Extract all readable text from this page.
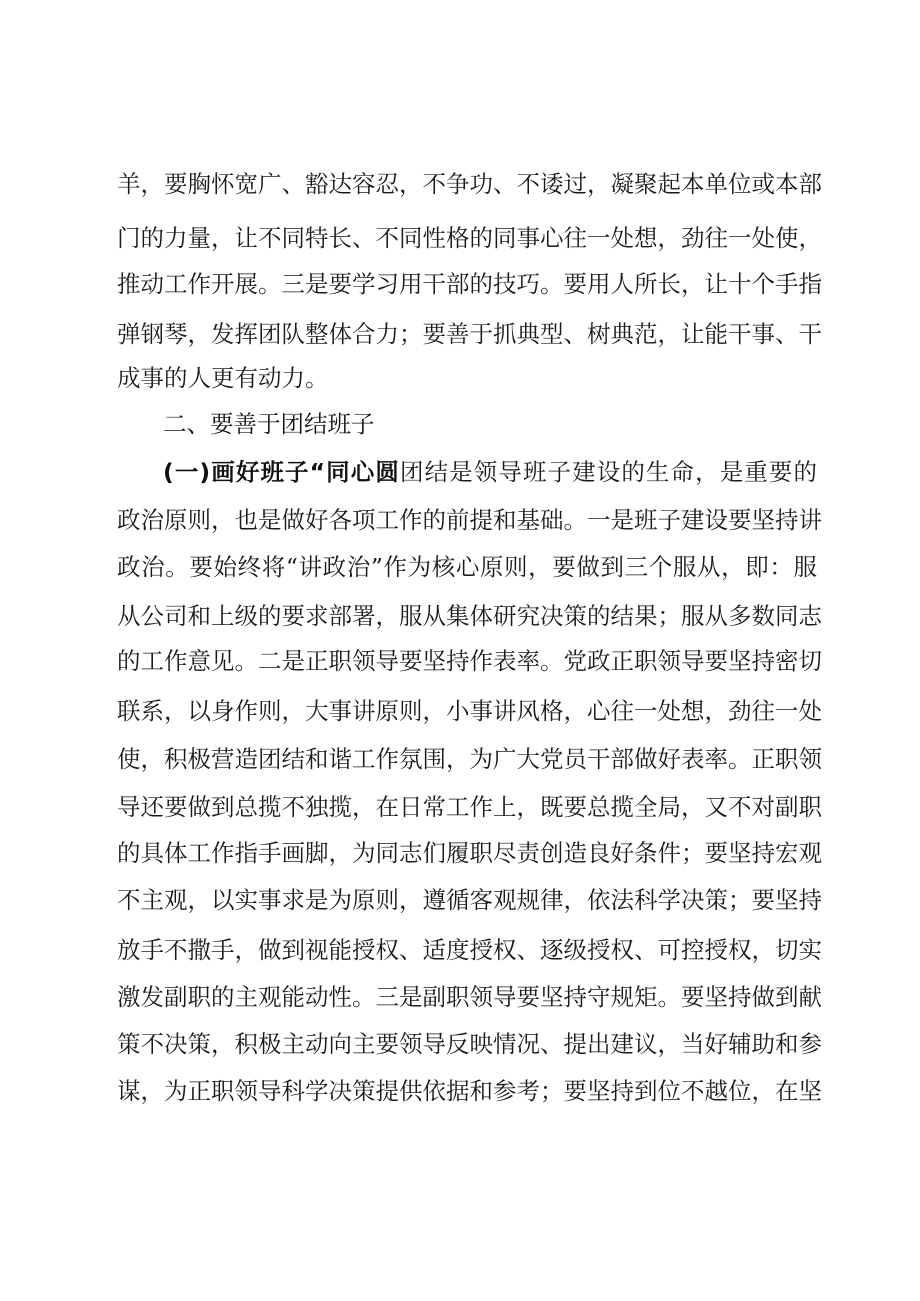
羊，要胸怀宽广、豁达容忍，不争功、不诿过，凝聚起本单位或本部
门的力量，让不同特长、不同性格的同事心往一处想，劲往一处使，
推动工作开展。三是要学习用干部的技巧。要用人所长，让十个手指
弹钢琴，发挥团队整体合力；要善于抓典型、树典范，让能干事、干
成事的人更有动力。
二、要善于团结班子
(一)画好班子“同心圆团结是领导班子建设的生命，是重要的
政治原则，也是做好各项工作的前提和基础。一是班子建设要坚持讲
政治。要始终将“讲政治”作为核心原则，要做到三个服从，即：服
从公司和上级的要求部署，服从集体研究决策的结果；服从多数同志
的工作意见。二是正职领导要坚持作表率。党政正职领导要坚持密切
联系，以身作则，大事讲原则，小事讲风格，心往一处想，劲往一处
使，积极营造团结和谐工作氛围，为广大党员干部做好表率。正职领
导还要做到总揽不独揽，在日常工作上，既要总揽全局，又不对副职
的具体工作指手画脚，为同志们履职尽责创造良好条件；要坚持宏观
不主观，以实事求是为原则，遵循客观规律，依法科学决策；要坚持
放手不撒手，做到视能授权、适度授权、逐级授权、可控授权，切实
激发副职的主观能动性。三是副职领导要坚持守规矩。要坚持做到献
策不决策，积极主动向主要领导反映情况、提出建议，当好辅助和参
谋，为正职领导科学决策提供依据和参考；要坚持到位不越位，在坚
